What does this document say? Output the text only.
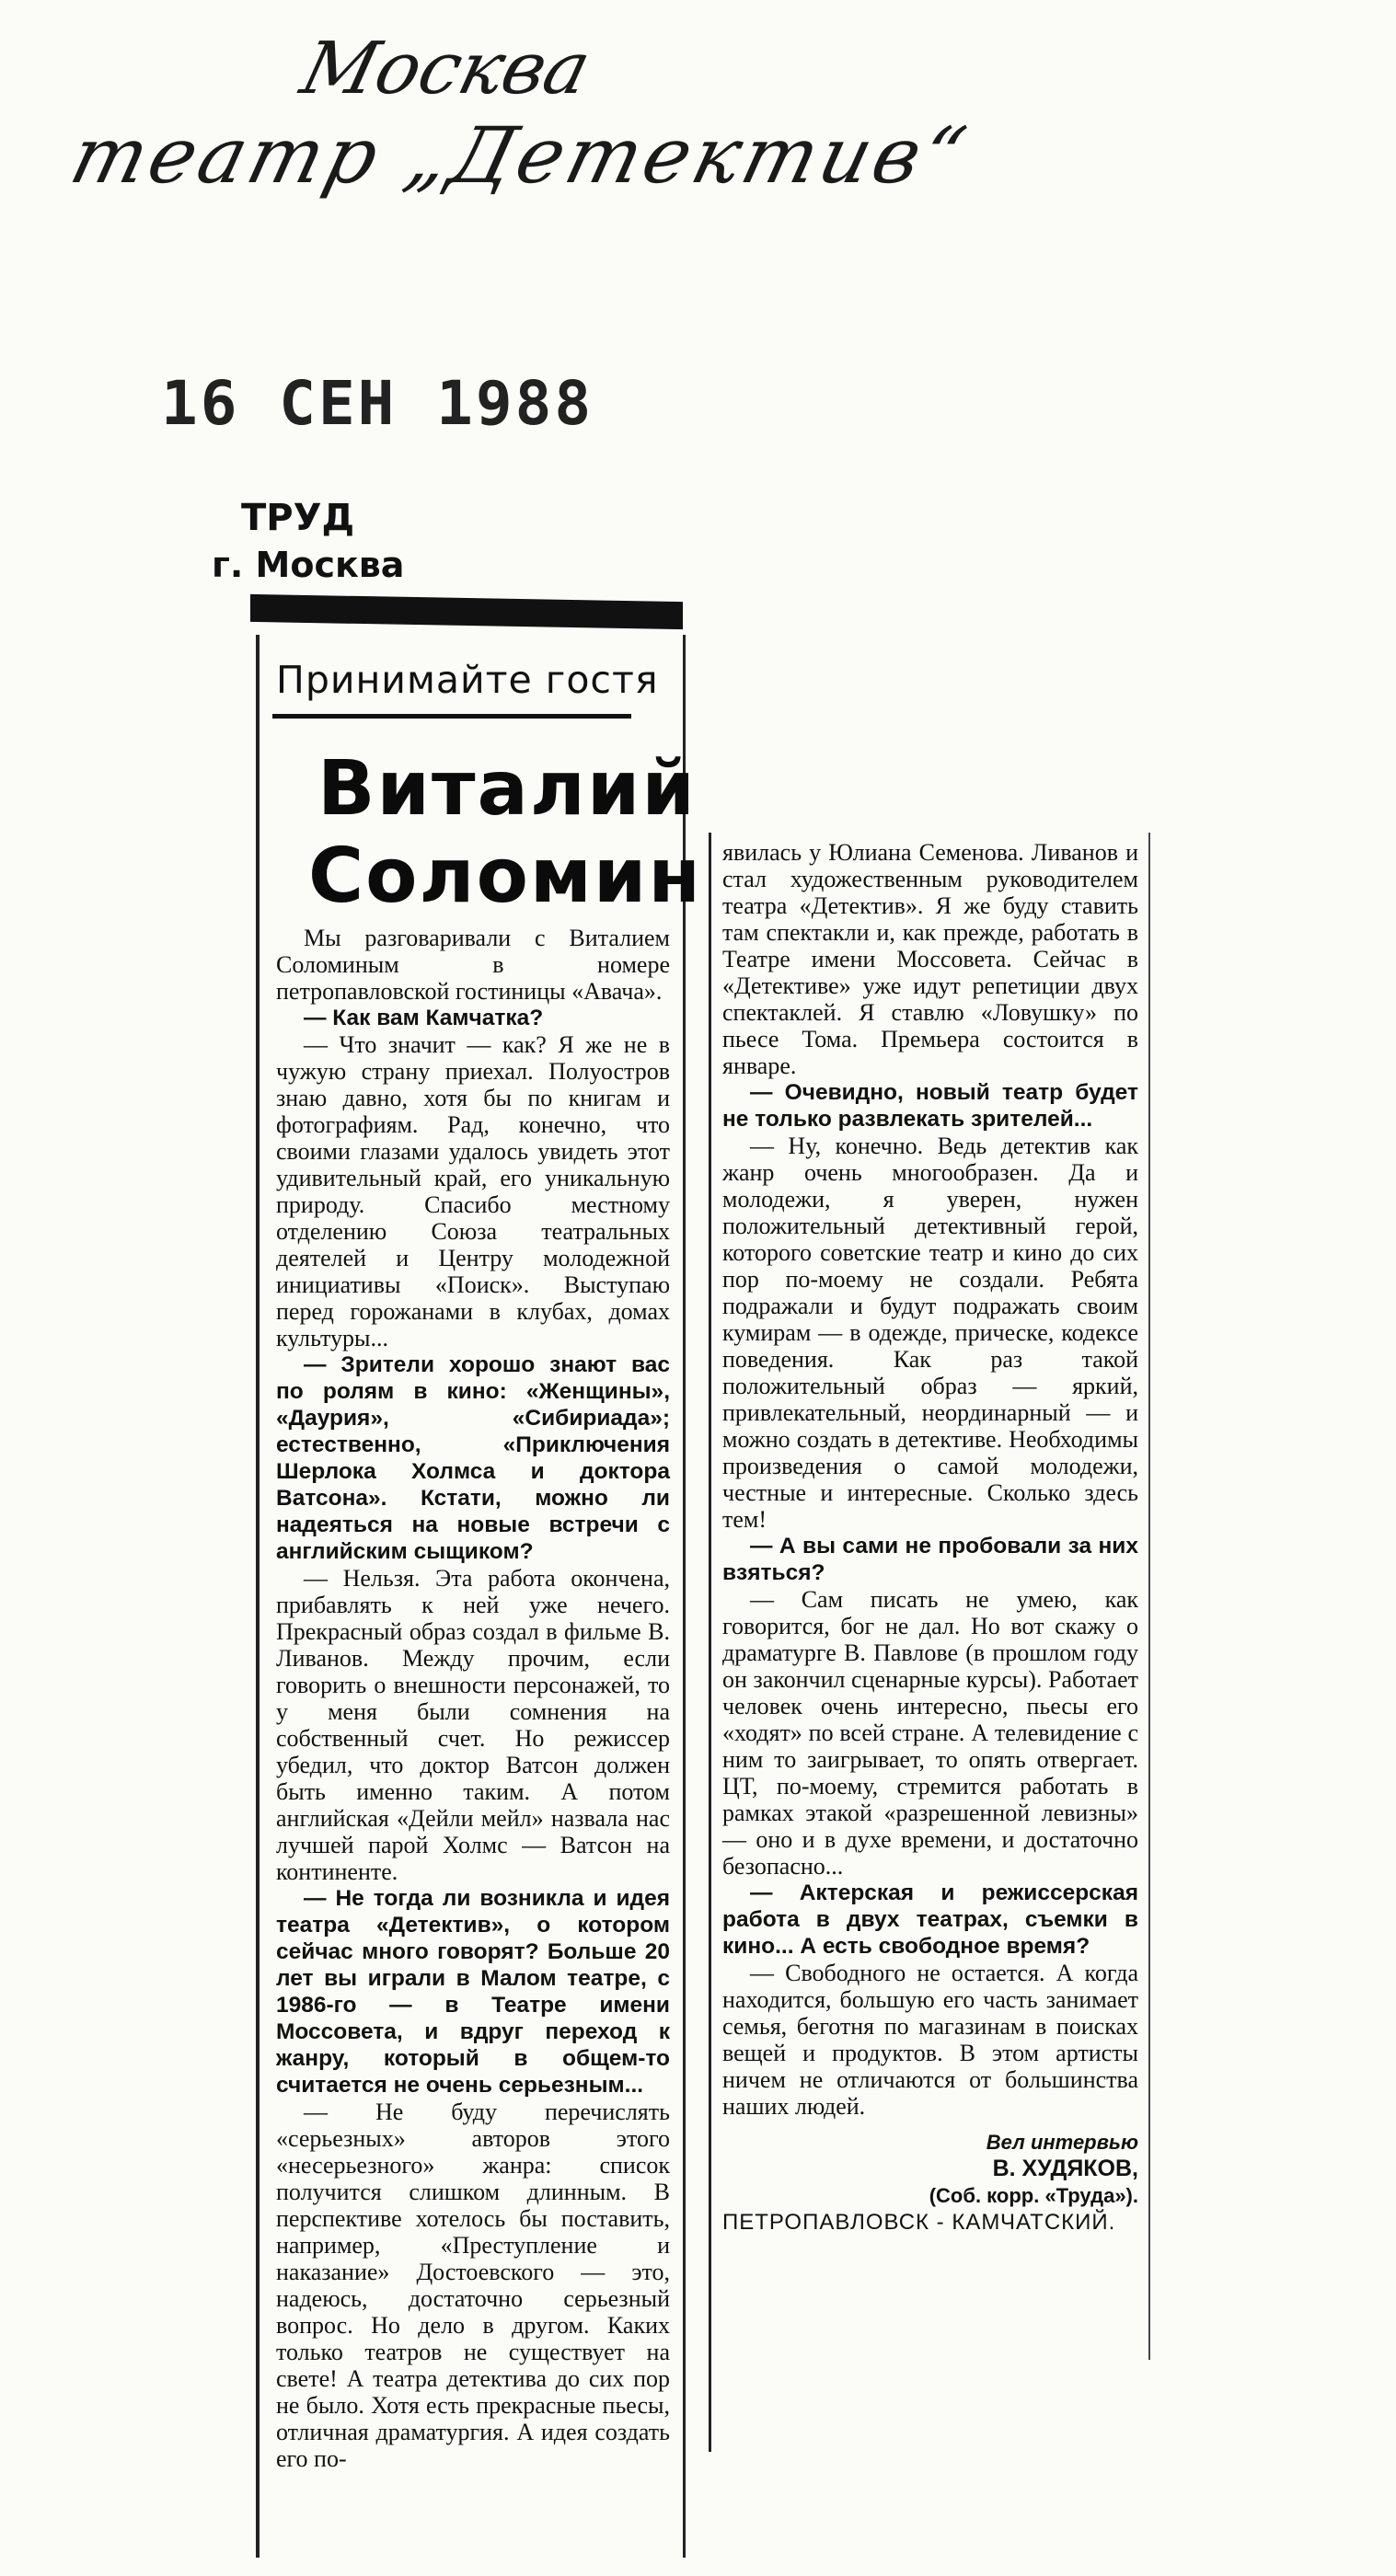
Москва
театр „Детектив“
16 СЕН 1988
ТРУД
г. Москва
Принимайте гостя
Виталий
Соломин

Мы разговаривали с Виталием Соломиным в номере петропавловской гостиницы «Авача».

— Как вам Камчатка?

— Что значит — как? Я же не в чужую страну приехал. Полуостров знаю давно, хотя бы по книгам и фотографиям. Рад, конечно, что своими глазами удалось увидеть этот удивительный край, его уникальную природу. Спасибо местному отделению Союза театральных деятелей и Центру молодежной инициативы «Поиск». Выступаю перед горожанами в клубах, домах культуры...

— Зрители хорошо знают вас по ролям в кино: «Женщины», «Даурия», «Сибириада»; естественно, «Приключения Шерлока Холмса и доктора Ватсона». Кстати, можно ли надеяться на новые встречи с английским сыщиком?

— Нельзя. Эта работа окончена, прибавлять к ней уже нечего. Прекрасный образ создал в фильме В. Ливанов. Между прочим, если говорить о внешности персонажей, то у меня были сомнения на собственный счет. Но режиссер убедил, что доктор Ватсон должен быть именно таким. А потом английская «Дейли мейл» назвала нас лучшей парой Холмс — Ватсон на континенте.

— Не тогда ли возникла и идея театра «Детектив», о котором сейчас много говорят? Больше 20 лет вы играли в Малом театре, с 1986-го — в Театре имени Моссовета, и вдруг переход к жанру, который в общем-то считается не очень серьезным...

— Не буду перечислять «серьезных» авторов этого «несерьезного» жанра: список получится слишком длинным. В перспективе хотелось бы поставить, например, «Преступление и наказание» Достоевского — это, надеюсь, достаточно серьезный вопрос. Но дело в другом. Каких только театров не существует на свете! А театра детектива до сих пор не было. Хотя есть прекрасные пьесы, отличная драматургия. А идея создать его по-

явилась у Юлиана Семенова. Ливанов и стал художественным руководителем театра «Детектив». Я же буду ставить там спектакли и, как прежде, работать в Театре имени Моссовета. Сейчас в «Детективе» уже идут репетиции двух спектаклей. Я ставлю «Ловушку» по пьесе Тома. Премьера состоится в январе.

— Очевидно, новый театр будет не только развлекать зрителей...

— Ну, конечно. Ведь детектив как жанр очень многообразен. Да и молодежи, я уверен, нужен положительный детективный герой, которого советские театр и кино до сих пор по-моему не создали. Ребята подражали и будут подражать своим кумирам — в одежде, прическе, кодексе поведения. Как раз такой положительный образ — яркий, привлекательный, неординарный — и можно создать в детективе. Необходимы произведения о самой молодежи, честные и интересные. Сколько здесь тем!

— А вы сами не пробовали за них взяться?

— Сам писать не умею, как говорится, бог не дал. Но вот скажу о драматурге В. Павлове (в прошлом году он закончил сценарные курсы). Работает человек очень интересно, пьесы его «ходят» по всей стране. А телевидение с ним то заигрывает, то опять отвергает. ЦТ, по-моему, стремится работать в рамках этакой «разрешенной левизны» — оно и в духе времени, и достаточно безопасно...

— Актерская и режиссерская работа в двух театрах, съемки в кино... А есть свободное время?

— Свободного не остается. А когда находится, большую его часть занимает семья, беготня по магазинам в поисках вещей и продуктов. В этом артисты ничем не отличаются от большинства наших людей.

Вел интервью
В. ХУДЯКОВ,
(Соб. корр. «Труда»).
ПЕТРОПАВЛОВСК - КАМЧАТСКИЙ.
